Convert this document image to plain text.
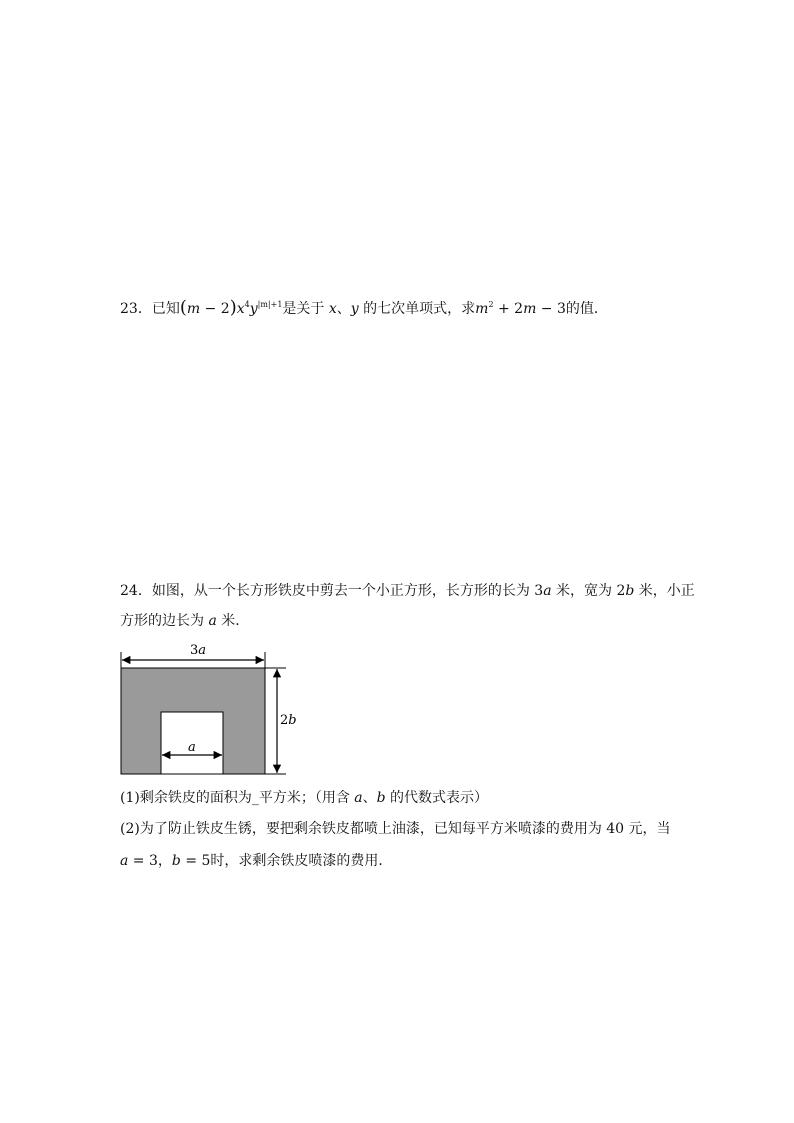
23．已知$(m - 2)x^4y^{|m|+1}$是关于 x、y 的七次单项式，求$m^2 + 2m - 3$的值．
24．如图，从一个长方形铁皮中剪去一个小正方形，长方形的长为 3a 米，宽为 2b 米，小正
方形的边长为 a 米．
3a
2b
a
(1)剩余铁皮的面积为_平方米；（用含 a、b 的代数式表示）
(2)为了防止铁皮生锈，要把剩余铁皮都喷上油漆，已知每平方米喷漆的费用为 40 元，当
a = 3，b = 5时，求剩余铁皮喷漆的费用．
